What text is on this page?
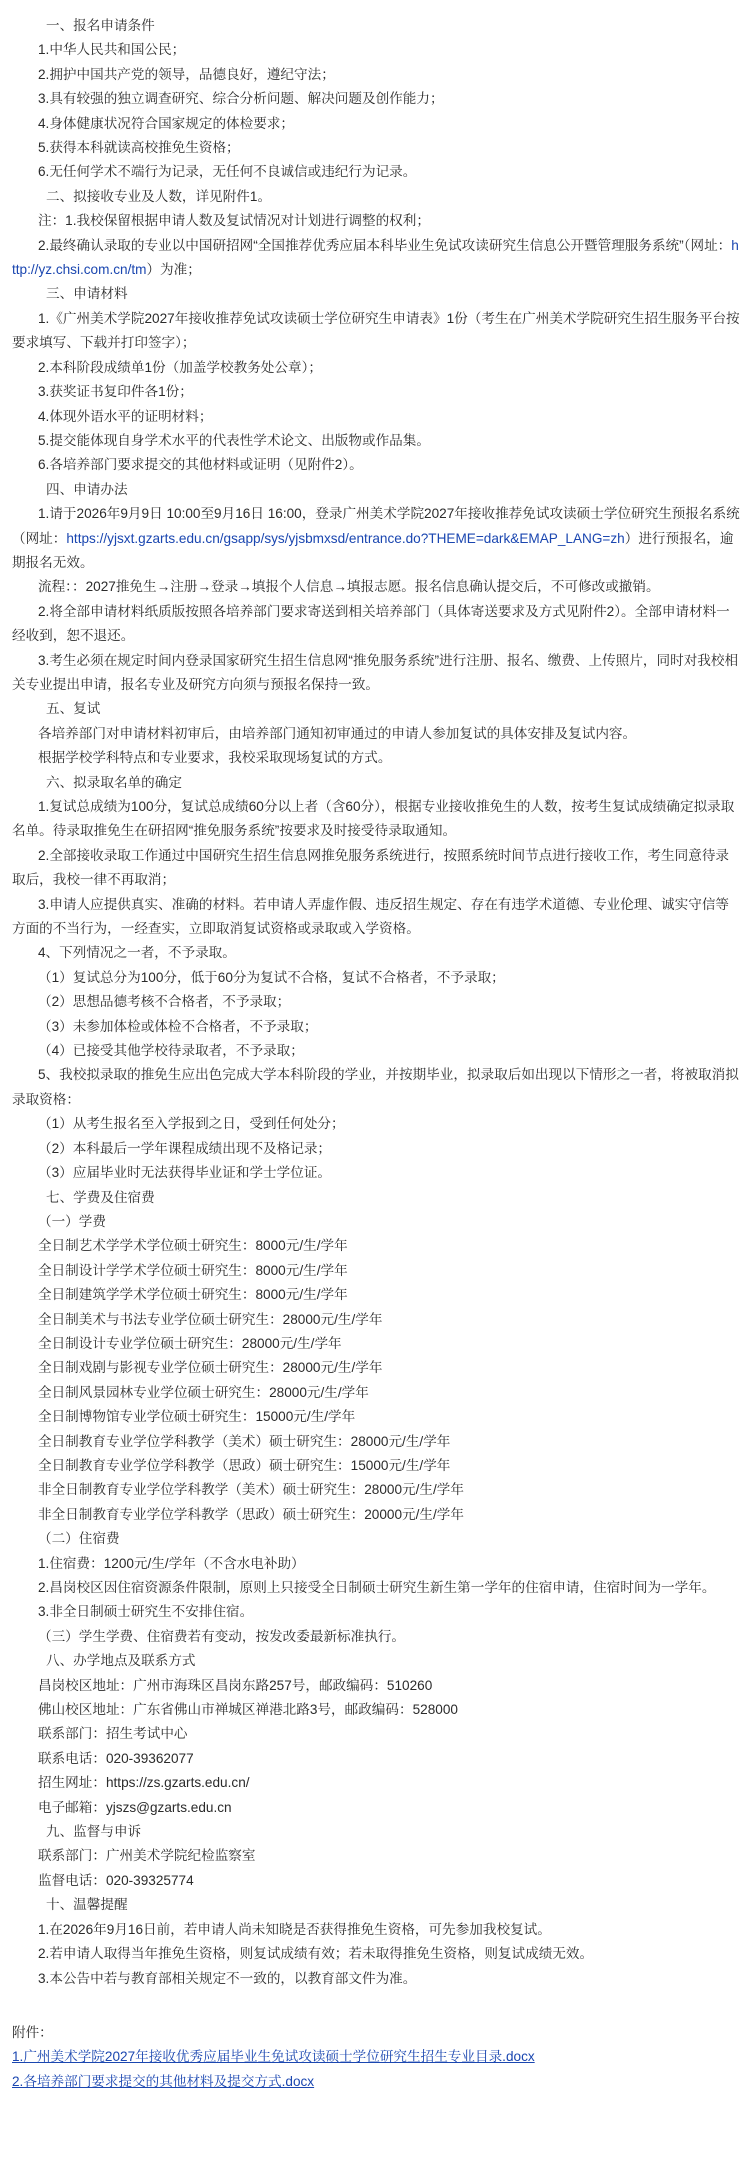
一、报名申请条件

1.中华人民共和国公民；

2.拥护中国共产党的领导，品德良好，遵纪守法；

3.具有较强的独立调查研究、综合分析问题、解决问题及创作能力；

4.身体健康状况符合国家规定的体检要求；

5.获得本科就读高校推免生资格；

6.无任何学术不端行为记录，无任何不良诚信或违纪行为记录。

二、拟接收专业及人数，详见附件1。

注：1.我校保留根据申请人数及复试情况对计划进行调整的权利；

2.最终确认录取的专业以中国研招网“全国推荐优秀应届本科毕业生免试攻读研究生信息公开暨管理服务系统”（网址：http://yz.chsi.com.cn/tm）为准；

三、申请材料

1.《广州美术学院2027年接收推荐免试攻读硕士学位研究生申请表》1份（考生在广州美术学院研究生招生服务平台按要求填写、下载并打印签字）；

2.本科阶段成绩单1份（加盖学校教务处公章）；

3.获奖证书复印件各1份；

4.体现外语水平的证明材料；

5.提交能体现自身学术水平的代表性学术论文、出版物或作品集。

6.各培养部门要求提交的其他材料或证明（见附件2）。

四、申请办法

1.请于2026年9月9日 10:00至9月16日 16:00，登录广州美术学院2027年接收推荐免试攻读硕士学位研究生预报名系统（网址：https://yjsxt.gzarts.edu.cn/gsapp/sys/yjsbmxsd/entrance.do?THEME=dark&EMAP_LANG=zh）进行预报名，逾期报名无效。

流程：：2027推免生→注册→登录→填报个人信息→填报志愿。报名信息确认提交后，不可修改或撤销。

2.将全部申请材料纸质版按照各培养部门要求寄送到相关培养部门（具体寄送要求及方式见附件2）。全部申请材料一经收到，恕不退还。

3.考生必须在规定时间内登录国家研究生招生信息网“推免服务系统”进行注册、报名、缴费、上传照片，同时对我校相关专业提出申请，报名专业及研究方向须与预报名保持一致。

五、复试

各培养部门对申请材料初审后，由培养部门通知初审通过的申请人参加复试的具体安排及复试内容。

根据学校学科特点和专业要求，我校采取现场复试的方式。

六、拟录取名单的确定

1.复试总成绩为100分，复试总成绩60分以上者（含60分），根据专业接收推免生的人数，按考生复试成绩确定拟录取名单。待录取推免生在研招网“推免服务系统”按要求及时接受待录取通知。

2.全部接收录取工作通过中国研究生招生信息网推免服务系统进行，按照系统时间节点进行接收工作，考生同意待录取后，我校一律不再取消；

3.申请人应提供真实、准确的材料。若申请人弄虚作假、违反招生规定、存在有违学术道德、专业伦理、诚实守信等方面的不当行为，一经查实，立即取消复试资格或录取或入学资格。

4、下列情况之一者，不予录取。

（1）复试总分为100分，低于60分为复试不合格，复试不合格者，不予录取；

（2）思想品德考核不合格者，不予录取；

（3）未参加体检或体检不合格者，不予录取；

（4）已接受其他学校待录取者，不予录取；

5、我校拟录取的推免生应出色完成大学本科阶段的学业，并按期毕业，拟录取后如出现以下情形之一者，将被取消拟录取资格：

（1）从考生报名至入学报到之日，受到任何处分；

（2）本科最后一学年课程成绩出现不及格记录；

（3）应届毕业时无法获得毕业证和学士学位证。

七、学费及住宿费

（一）学费

全日制艺术学学术学位硕士研究生：8000元/生/学年

全日制设计学学术学位硕士研究生：8000元/生/学年

全日制建筑学学术学位硕士研究生：8000元/生/学年

全日制美术与书法专业学位硕士研究生：28000元/生/学年

全日制设计专业学位硕士研究生：28000元/生/学年

全日制戏剧与影视专业学位硕士研究生：28000元/生/学年

全日制风景园林专业学位硕士研究生：28000元/生/学年

全日制博物馆专业学位硕士研究生：15000元/生/学年

全日制教育专业学位学科教学（美术）硕士研究生：28000元/生/学年

全日制教育专业学位学科教学（思政）硕士研究生：15000元/生/学年

非全日制教育专业学位学科教学（美术）硕士研究生：28000元/生/学年

非全日制教育专业学位学科教学（思政）硕士研究生：20000元/生/学年

（二）住宿费

1.住宿费：1200元/生/学年（不含水电补助）

2.昌岗校区因住宿资源条件限制，原则上只接受全日制硕士研究生新生第一学年的住宿申请，住宿时间为一学年。

3.非全日制硕士研究生不安排住宿。

（三）学生学费、住宿费若有变动，按发改委最新标准执行。

八、办学地点及联系方式

昌岗校区地址：广州市海珠区昌岗东路257号，邮政编码：510260

佛山校区地址：广东省佛山市禅城区禅港北路3号，邮政编码：528000

联系部门：招生考试中心

联系电话：020-39362077

招生网址：https://zs.gzarts.edu.cn/

电子邮箱：yjszs@gzarts.edu.cn

九、监督与申诉

联系部门：广州美术学院纪检监察室

监督电话：020-39325774

十、温馨提醒

1.在2026年9月16日前，若申请人尚未知晓是否获得推免生资格，可先参加我校复试。

2.若申请人取得当年推免生资格，则复试成绩有效；若未取得推免生资格，则复试成绩无效。

3.本公告中若与教育部相关规定不一致的，以教育部文件为准。

附件：

1.广州美术学院2027年接收优秀应届毕业生免试攻读硕士学位研究生招生专业目录.docx

2.各培养部门要求提交的其他材料及提交方式.docx
